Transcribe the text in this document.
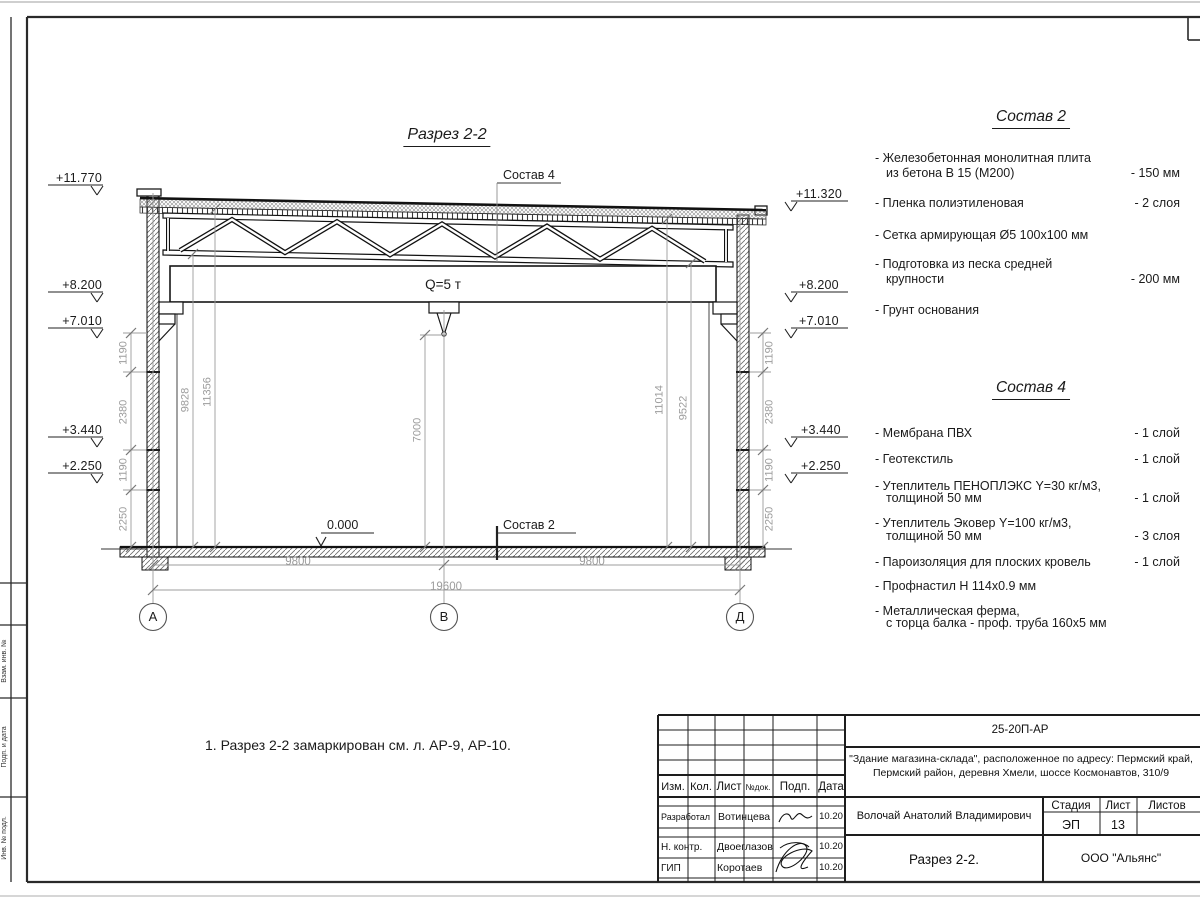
Разрез 2-2
Состав 4
Q=5 т
Состав 2
0.000
+11.770
+8.200
+7.010
+3.440
+2.250
+11.320
+8.200
+7.010
+3.440
+2.250
1190
2380
1190
2250
1190
2380
1190
2250
9828 11356
7000
11014 9522
9800	9800
19600
А	В	Д
1. Разрез 2-2 замаркирован см. л. АР-9, АР-10.
Состав 2
- Железобетонная монолитная плита
из бетона В 15 (М200)	- 150 мм
- Пленка полиэтиленовая	- 2 слоя
- Сетка армирующая Ø5 100х100 мм
- Подготовка из песка средней
крупности	- 200 мм
- Грунт основания
Состав 4
- Мембрана ПВХ	- 1 слой
- Геотекстиль	- 1 слой
- Утеплитель ПЕНОПЛЭКС Y=30 кг/м3,
толщиной 50 мм	- 1 слой
- Утеплитель Эковер Y=100 кг/м3,
толщиной 50 мм	- 3 слоя
- Пароизоляция для плоских кровель	- 1 слой
- Профнастил Н 114х0.9 мм
- Металлическая ферма,
с торца балка - проф. труба 160х5 мм
25-20П-АР
"Здание магазина-склада", расположенное по адресу: Пермский край,
Пермский район, деревня Хмели, шоссе Космонавтов, 310/9
Изм. Кол. Лист №док. Подп. Дата
Разработал Вотинцева	10.20
Н. контр. Двоеглазов	10.20
ГИП	Коротаев	10.20
Волочай Анатолий Владимирович
Стадия Лист Листов
ЭП 13
Разрез 2-2.	ООО "Альянс"
Взам. инв. №
Подп. и дата
Инв. № подл.
